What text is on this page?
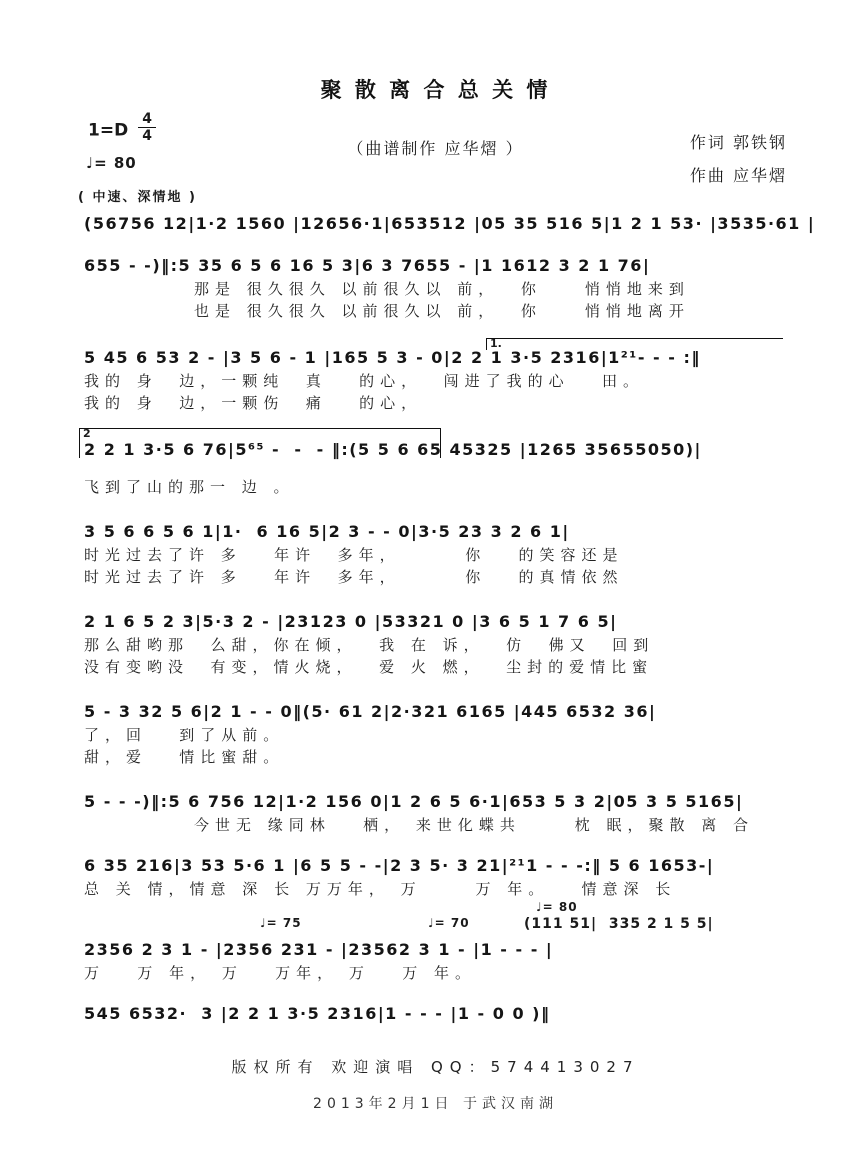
聚 散 离 合 总 关 情
$1=D \frac{4}{4}$
♩= 80
( 中速、深情地 )
（曲谱制作 应华熠 ）	作词 郭铁钢
作曲 应华熠
(56756 12|1·2 1560 |12656·1|653512 |05 35 516 5|1 2 1 53· |3535·61 |
655 - -)‖:5 35 6 5 6 16 5 3|6 3 7655 - |1 1612 3 2 1 76|
那是 很久很久 以前很久以 前，  你    悄悄地来到
也是 很久很久 以前很久以 前，  你    悄悄地离开
1.
5 45 6 53 2 - |3 5 6 - 1 |165 5 3 - 0|2 2 1 3·5 2316|1²¹- - - :‖
我的 身  边，一颗纯  真   的心，  闯进了我的心   田。
我的 身  边，一颗伤  痛   的心，
2
2 2 1 3·5 6 76|5⁶⁵ -  -  - ‖:(5 5 6 65 45325 |1265 35655050)|
飞到了山的那一 边 。
3 5 6 6 5 6 1|1·  6 16 5|2 3 - - 0|3·5 23 3 2 6 1|
时光过去了许 多   年许  多年，      你   的笑容还是
时光过去了许 多   年许  多年，      你   的真情依然
2 1 6 5 2 3|5·3 2 - |23123 0 |53321 0 |3 6 5 1 7 6 5|
那么甜哟那  么甜，你在倾，  我 在 诉，  仿  佛又  回到
没有变哟没  有变，情火烧，  爱 火 燃，  尘封的爱情比蜜
5 - 3 32 5 6|2 1 - - 0‖(5· 61 2|2·321 6165 |445 6532 36|
了，回   到了从前。
甜，爱   情比蜜甜。
5 - - -)‖:5 6 756 12|1·2 156 0|1 2 6 5 6·1|653 5 3 2|05 3 5 5165|
今世无 缘同林   栖， 来世化蝶共     枕 眠，聚散 离 合
6 35 216|3 53 5·6 1 |6 5 5 - -|2 3 5· 3 21|²¹1 - - -:‖ 5 6 1653-|
总 关 情，情意 深 长 万万年， 万     万 年。   情意深 长
♩= 75	♩= 70
♩= 80
(111 51|  335 2 1 5 5|
2356 2 3 1 - |2356 231 - |23562 3 1 - |1 - - - |
万   万 年， 万   万年， 万   万 年。
545 6532·  3 |2 2 1 3·5 2316|1 - - - |1 - 0 0 )‖
版权所有 欢迎演唱 QQ：574413027
2013年2月1日 于武汉南湖
